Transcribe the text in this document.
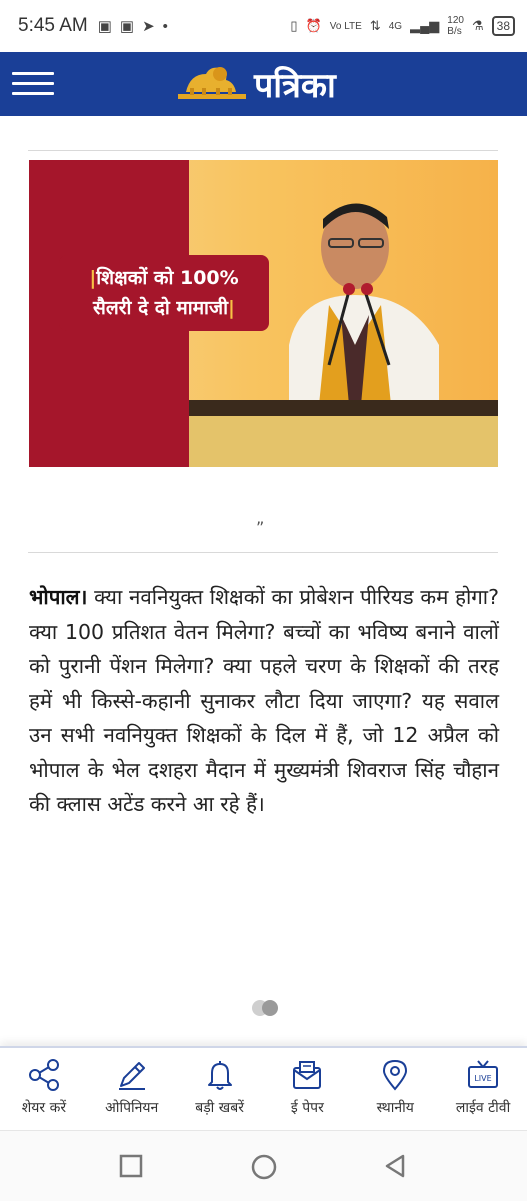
5:45 AM ▣ ▣ ➤ •	▯ ⏰ Vo LTE ⇅ 4G ▂▄▆ 120
B/s ⚗	38
पत्रिका
|शिक्षकों को 100%
सैलरी दे दो मामाजी|
”
भोपाल। क्या नवनियुक्त शिक्षकों का प्रोबेशन पीरियड कम होगा? क्या 100 प्रतिशत वेतन मिलेगा? बच्चों का भविष्य बनाने वालों को पुरानी पेंशन मिलेगा? क्या पहले चरण के शिक्षकों की तरह हमें भी किस्से-कहानी सुनाकर लौटा दिया जाएगा? यह सवाल उन सभी नवनियुक्त शिक्षकों के दिल में हैं, जो 12 अप्रैल को भोपाल के भेल दशहरा मैदान में मुख्यमंत्री शिवराज सिंह चौहान की क्लास अटेंड करने आ रहे हैं।
शेयर करें	ओपिनियन	बड़ी खबरें	ई पेपर	स्थानीय
LIVE
लाईव टीवी
